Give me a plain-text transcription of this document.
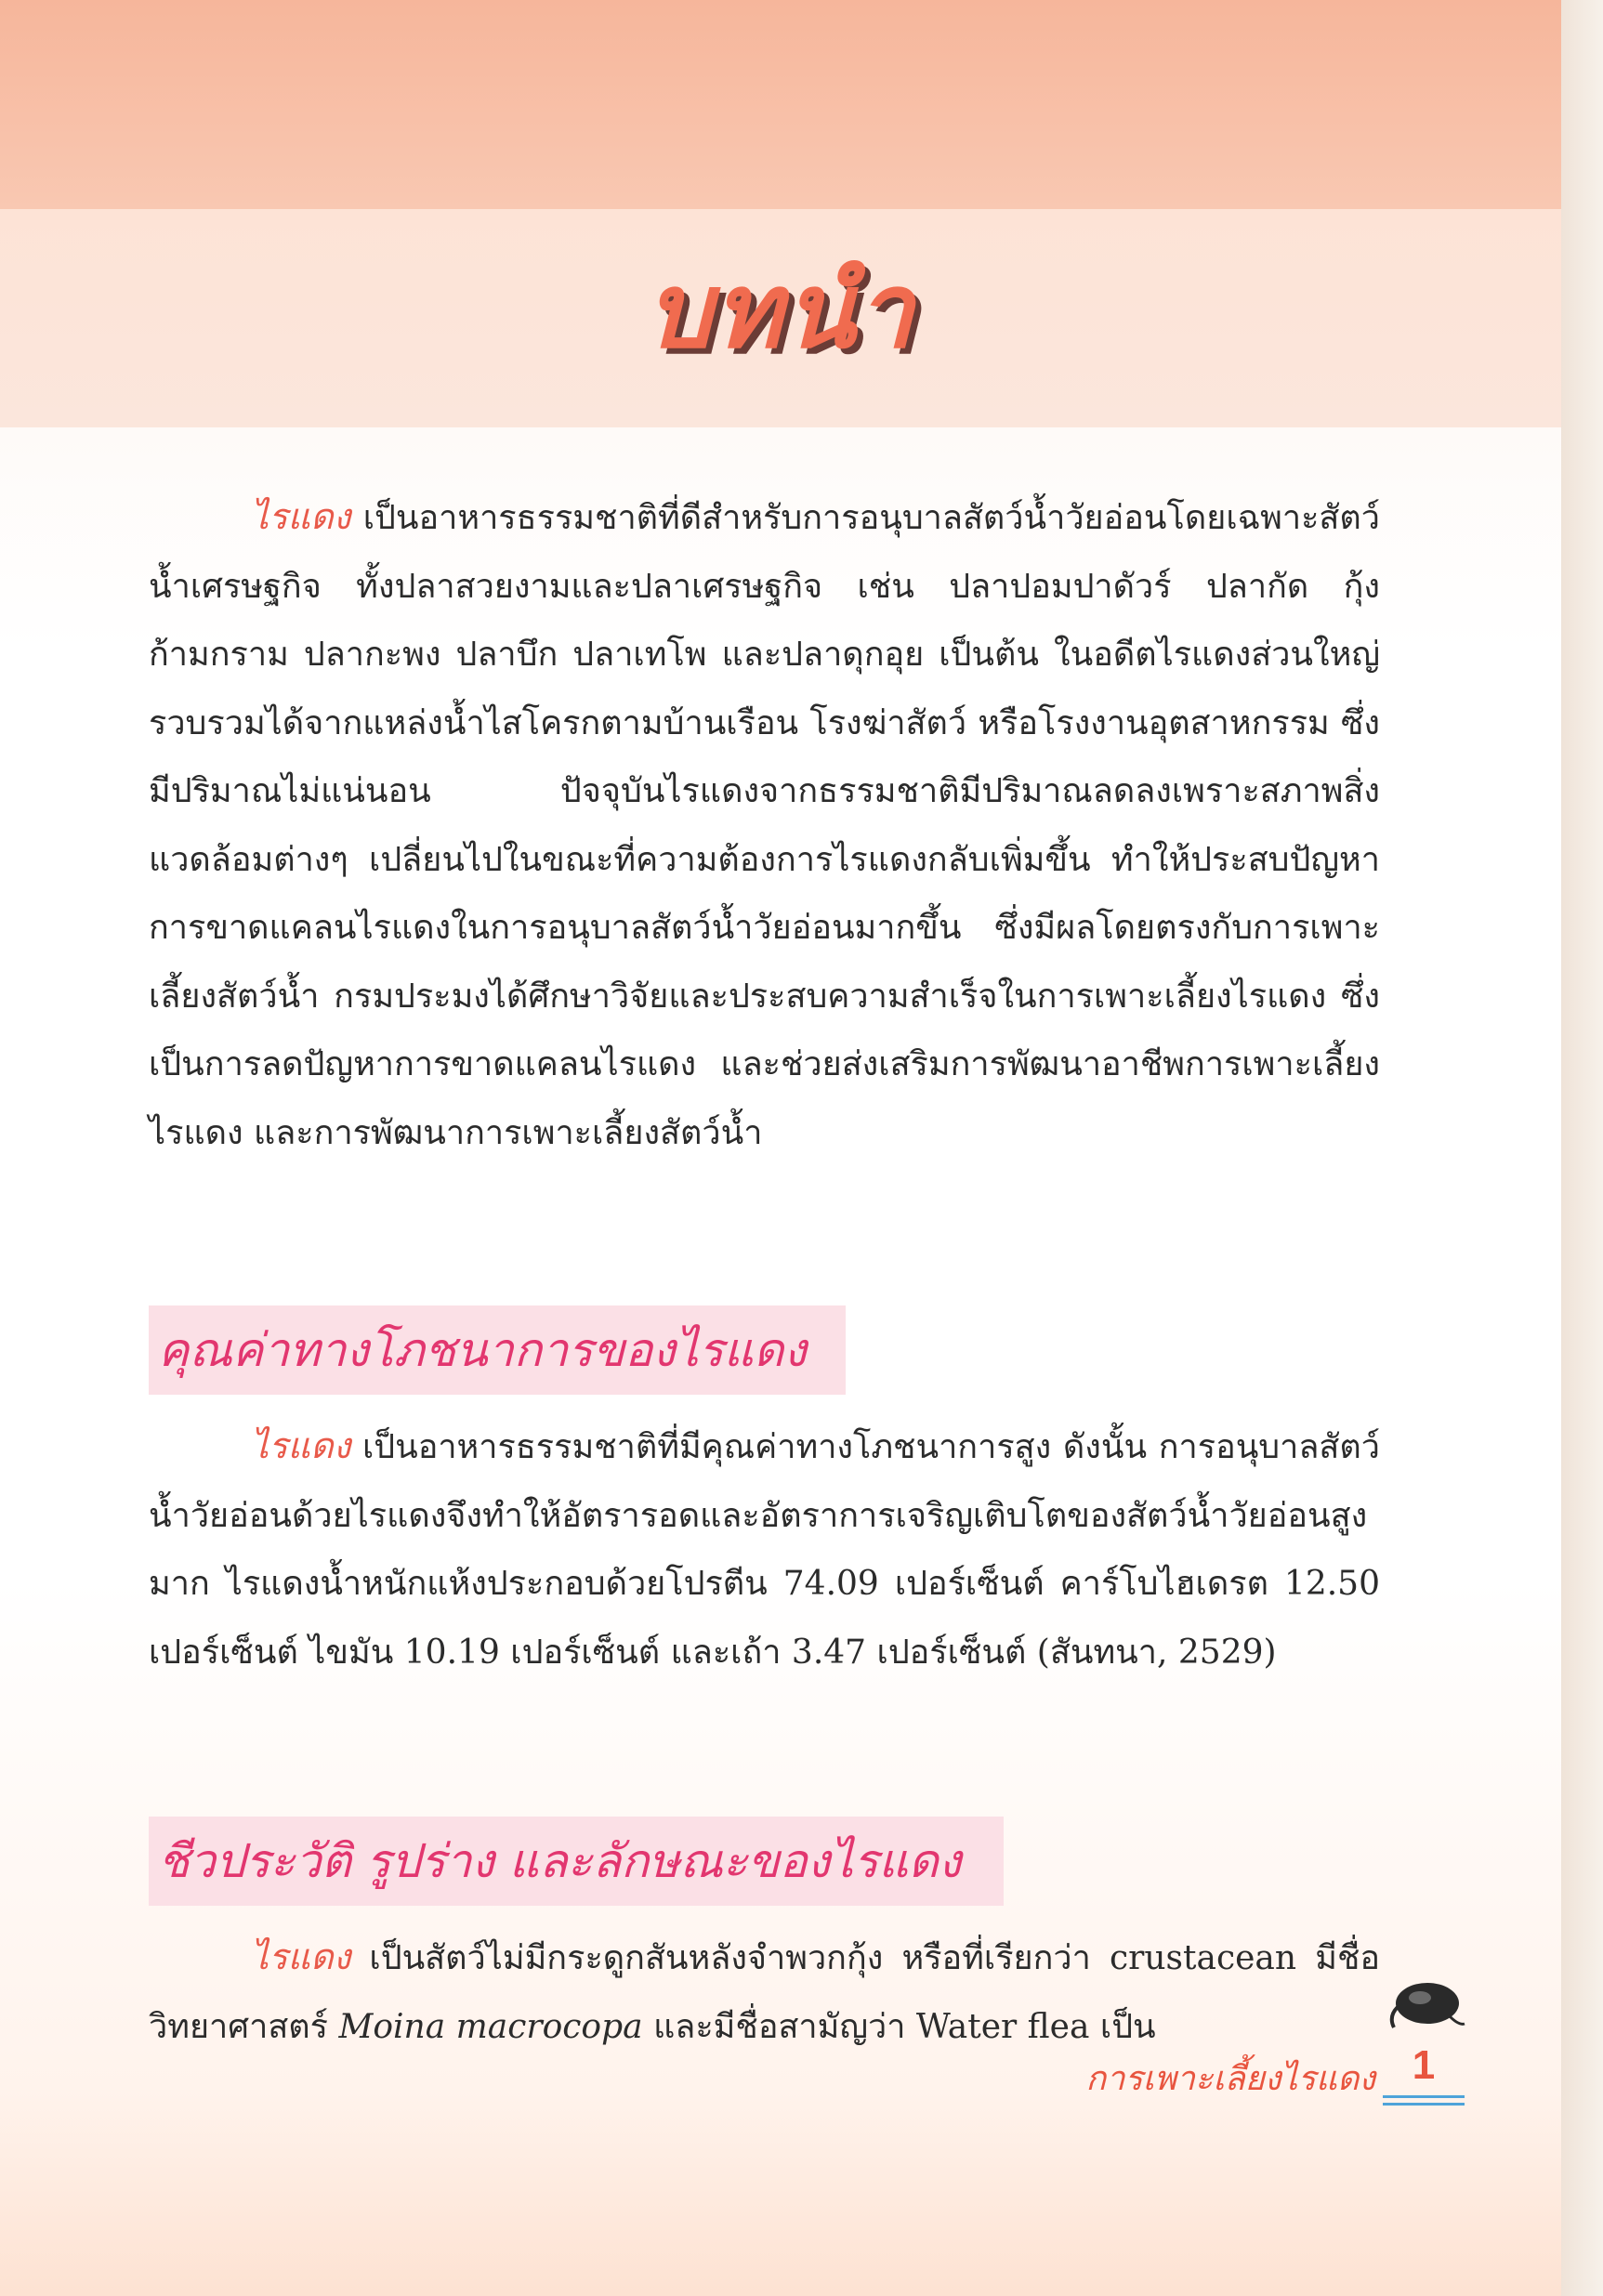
บทนำ

ไรแดง เป็นอาหารธรรมชาติที่ดีสำหรับการอนุบาลสัตว์น้ำวัยอ่อนโดยเฉพาะสัตว์น้ำเศรษฐกิจ ทั้งปลาสวยงามและปลาเศรษฐกิจ เช่น ปลาปอมปาดัวร์ ปลากัด กุ้งก้ามกราม ปลากะพง ปลาบึก ปลาเทโพ และปลาดุกอุย เป็นต้น ในอดีตไรแดงส่วนใหญ่รวบรวมได้จากแหล่งน้ำไสโครกตามบ้านเรือน โรงฆ่าสัตว์ หรือโรงงานอุตสาหกรรม ซึ่งมีปริมาณไม่แน่นอน ปัจจุบันไรแดงจากธรรมชาติมีปริมาณลดลงเพราะสภาพสิ่งแวดล้อมต่างๆ เปลี่ยนไปในขณะที่ความต้องการไรแดงกลับเพิ่มขึ้น ทำให้ประสบปัญหาการขาดแคลนไรแดงในการอนุบาลสัตว์น้ำวัยอ่อนมากขึ้น ซึ่งมีผลโดยตรงกับการเพาะเลี้ยงสัตว์น้ำ กรมประมงได้ศึกษาวิจัยและประสบความสำเร็จในการเพาะเลี้ยงไรแดง ซึ่งเป็นการลดปัญหาการขาดแคลนไรแดง และช่วยส่งเสริมการพัฒนาอาชีพการเพาะเลี้ยงไรแดง และการพัฒนาการเพาะเลี้ยงสัตว์น้ำ

คุณค่าทางโภชนาการของไรแดง

ไรแดง เป็นอาหารธรรมชาติที่มีคุณค่าทางโภชนาการสูง ดังนั้น การอนุบาลสัตว์น้ำวัยอ่อนด้วยไรแดงจึงทำให้อัตรารอดและอัตราการเจริญเติบโตของสัตว์น้ำวัยอ่อนสูงมาก ไรแดงน้ำหนักแห้งประกอบด้วยโปรตีน 74.09 เปอร์เซ็นต์ คาร์โบไฮเดรต 12.50 เปอร์เซ็นต์ ไขมัน 10.19 เปอร์เซ็นต์ และเถ้า 3.47 เปอร์เซ็นต์ (สันทนา, 2529)

ชีวประวัติ รูปร่าง และลักษณะของไรแดง

ไรแดง เป็นสัตว์ไม่มีกระดูกสันหลังจำพวกกุ้ง หรือที่เรียกว่า crustacean มีชื่อวิทยาศาสตร์ Moina macrocopa และมีชื่อสามัญว่า Water flea เป็น

การเพาะเลี้ยงไรแดง 1
